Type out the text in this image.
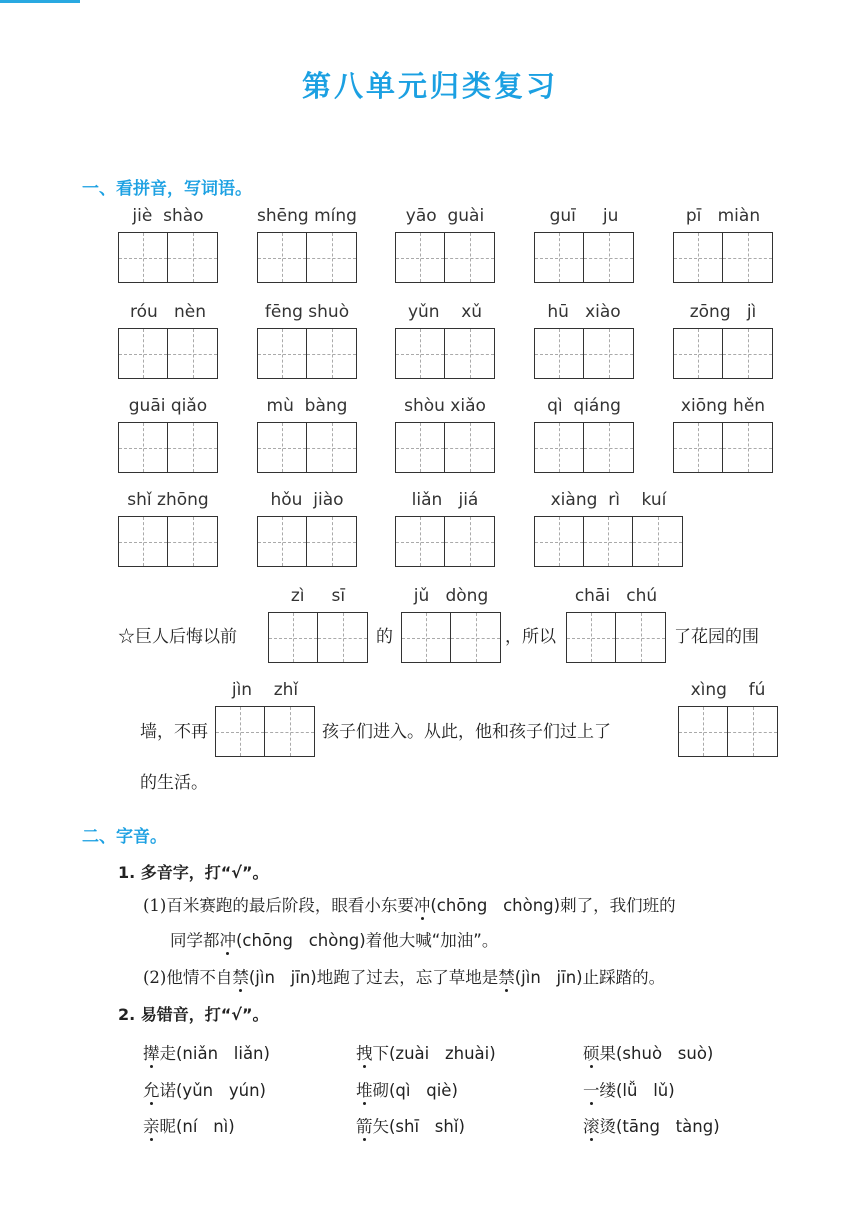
第八单元归类复习
一、看拼音，写词语。
jiè  shào	shēng míng	yāo  guài	guī     ju	pī   miàn
róu   nèn	fēng shuò	yǔn    xǔ	hū   xiào	zōng   jì
guāi qiǎo	mù  bàng	shòu xiǎo	qì  qiáng	xiōng hěn
shǐ zhōng	hǒu  jiào	liǎn   jiá	xiàng  rì    kuí
zì     sī	jǔ   dòng	chāi   chú
☆巨人后悔以前	的	，所以	了花园的围
jìn    zhǐ	xìng    fú
墙，不再	孩子们进入。从此，他和孩子们过上了
的生活。
二、字音。
1. 多音字，打“√”。
(1)百米赛跑的最后阶段，眼看小东要冲(chōng   chòng)刺了，我们班的
同学都冲(chōng   chòng)着他大喊“加油”。
(2)他情不自禁(jìn   jīn)地跑了过去，忘了草地是禁(jìn   jīn)止踩踏的。
2. 易错音，打“√”。
撵走(niǎn   liǎn)	拽下(zuài   zhuài)	硕果(shuò   suò)
允诺(yǔn   yún)	堆砌(qì   qiè)	一缕(lǚ   lǔ)
亲昵(ní   nì)	箭矢(shī   shǐ)	滚烫(tāng   tàng)
